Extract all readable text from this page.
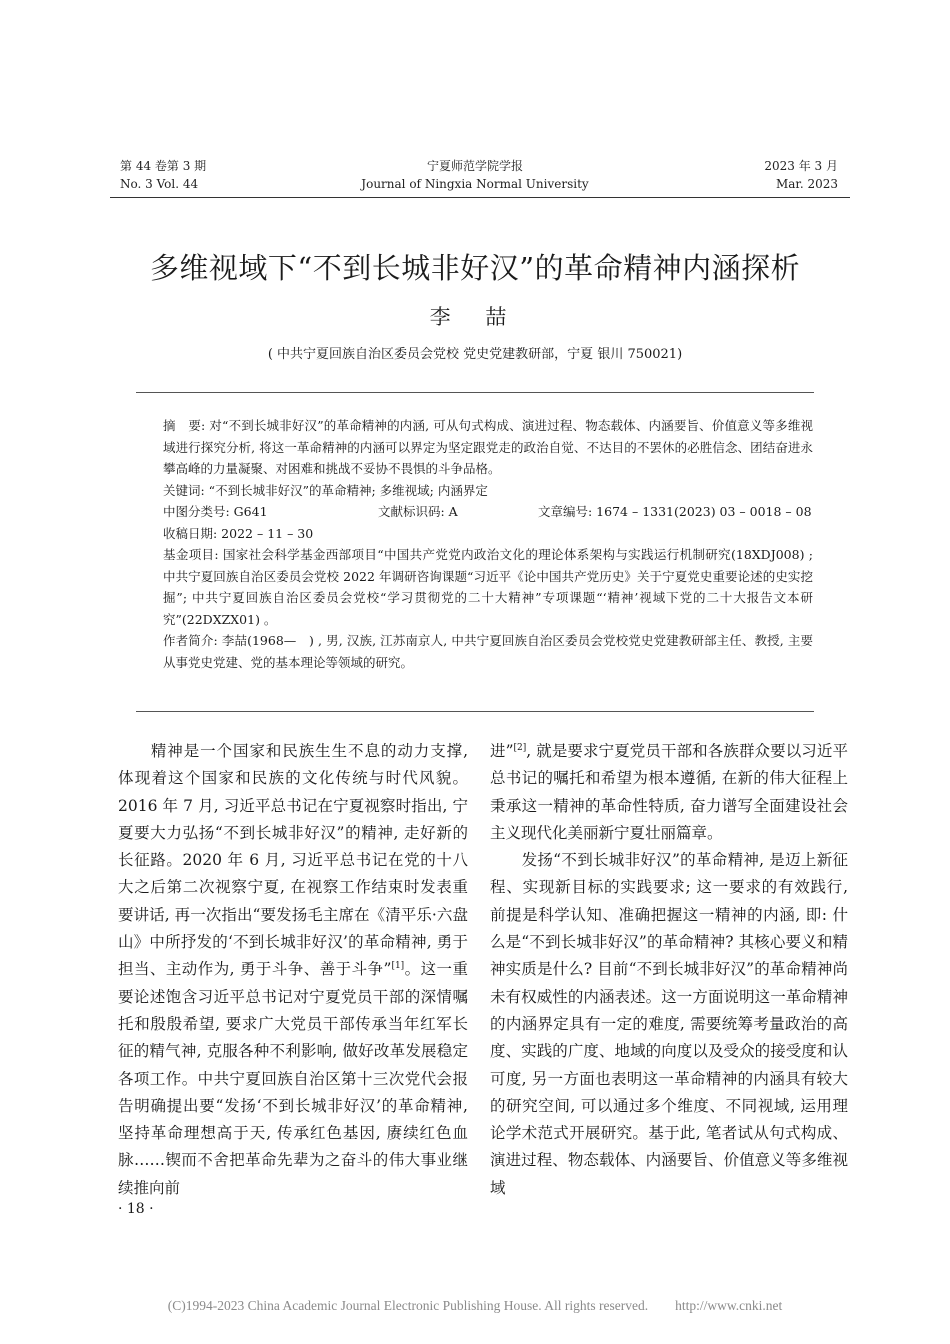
第 44 卷第 3 期
No. 3 Vol. 44
宁夏师范学院学报
Journal of Ningxia Normal University
2023 年 3 月
Mar. 2023
多维视域下“不到长城非好汉”的革命精神内涵探析
李 喆
( 中共宁夏回族自治区委员会党校 党史党建教研部，宁夏 银川 750021)

摘　要: 对“不到长城非好汉”的革命精神的内涵, 可从句式构成、演进过程、物态载体、内涵要旨、价值意义等多维视域进行探究分析, 将这一革命精神的内涵可以界定为坚定跟党走的政治自觉、不达目的不罢休的必胜信念、团结奋进永攀高峰的力量凝聚、对困难和挑战不妥协不畏惧的斗争品格。

关键词: “不到长城非好汉”的革命精神; 多维视域; 内涵界定

中图分类号: G641	文献标识码: A	文章编号: 1674 – 1331(2023) 03 – 0018 – 08

收稿日期: 2022 – 11 – 30

基金项目: 国家社会科学基金西部项目“中国共产党党内政治文化的理论体系架构与实践运行机制研究(18XDJ008) ; 中共宁夏回族自治区委员会党校 2022 年调研咨询课题“习近平《论中国共产党历史》关于宁夏党史重要论述的史实挖掘”; 中共宁夏回族自治区委员会党校“学习贯彻党的二十大精神”专项课题“‘精神’视域下党的二十大报告文本研究”(22DXZX01) 。

作者简介: 李喆(1968—　) , 男, 汉族, 江苏南京人, 中共宁夏回族自治区委员会党校党史党建教研部主任、教授, 主要从事党史党建、党的基本理论等领域的研究。

　　精神是一个国家和民族生生不息的动力支撑, 体现着这个国家和民族的文化传统与时代风貌。2016 年 7 月, 习近平总书记在宁夏视察时指出, 宁夏要大力弘扬“不到长城非好汉”的精神, 走好新的长征路。2020 年 6 月, 习近平总书记在党的十八大之后第二次视察宁夏, 在视察工作结束时发表重要讲话, 再一次指出“要发扬毛主席在《清平乐·六盘山》中所抒发的‘不到长城非好汉’的革命精神, 勇于担当、主动作为, 勇于斗争、善于斗争”[1]。这一重要论述饱含习近平总书记对宁夏党员干部的深情嘱托和殷殷希望, 要求广大党员干部传承当年红军长征的精气神, 克服各种不利影响, 做好改革发展稳定各项工作。中共宁夏回族自治区第十三次党代会报告明确提出要“发扬‘不到长城非好汉’的革命精神, 坚持革命理想高于天, 传承红色基因, 赓续红色血脉……锲而不舍把革命先辈为之奋斗的伟大事业继续推向前

进”[2], 就是要求宁夏党员干部和各族群众要以习近平总书记的嘱托和希望为根本遵循, 在新的伟大征程上秉承这一精神的革命性特质, 奋力谱写全面建设社会主义现代化美丽新宁夏壮丽篇章。

　　发扬“不到长城非好汉”的革命精神, 是迈上新征程、实现新目标的实践要求; 这一要求的有效践行, 前提是科学认知、准确把握这一精神的内涵, 即: 什么是“不到长城非好汉”的革命精神? 其核心要义和精神实质是什么? 目前“不到长城非好汉”的革命精神尚未有权威性的内涵表述。这一方面说明这一革命精神的内涵界定具有一定的难度, 需要统筹考量政治的高度、实践的广度、地域的向度以及受众的接受度和认可度, 另一方面也表明这一革命精神的内涵具有较大的研究空间, 可以通过多个维度、不同视域, 运用理论学术范式开展研究。基于此, 笔者试从句式构成、演进过程、物态载体、内涵要旨、价值意义等多维视域

· 18 ·
(C)1994-2023 China Academic Journal Electronic Publishing House. All rights reserved.　　http://www.cnki.net
